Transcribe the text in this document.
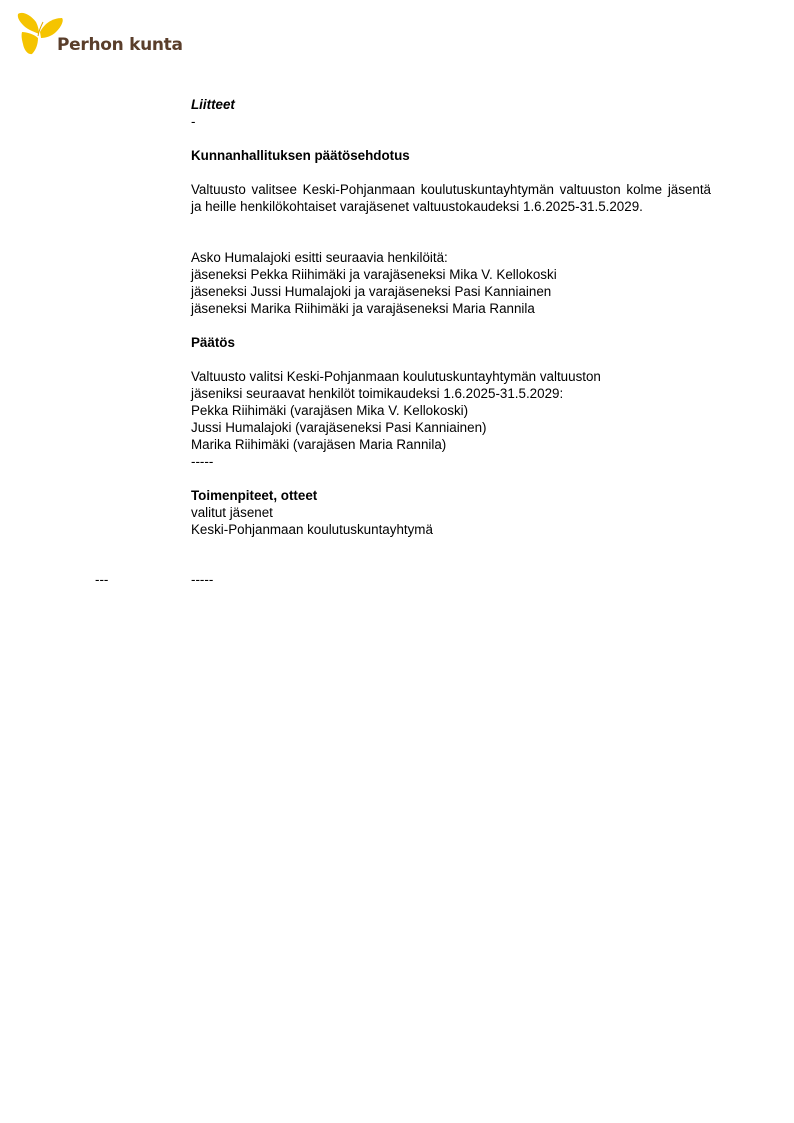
Perhon kunta
Liitteet
-
Kunnanhallituksen päätösehdotus
Valtuusto valitsee Keski-Pohjanmaan koulutuskuntayhtymän valtuuston kolme jäsentä ja heille henkilökohtaiset varajäsenet valtuustokaudeksi 1.6.2025-31.5.2029.
Asko Humalajoki esitti seuraavia henkilöitä:
jäseneksi Pekka Riihimäki ja varajäseneksi Mika V. Kellokoski
jäseneksi Jussi Humalajoki ja varajäseneksi Pasi Kanniainen
jäseneksi Marika Riihimäki ja varajäseneksi Maria Rannila
Päätös
Valtuusto valitsi Keski-Pohjanmaan koulutuskuntayhtymän valtuuston
jäseniksi seuraavat henkilöt toimikaudeksi 1.6.2025-31.5.2029:
Pekka Riihimäki (varajäsen Mika V. Kellokoski)
Jussi Humalajoki (varajäseneksi Pasi Kanniainen)
Marika Riihimäki (varajäsen Maria Rannila)
-----
Toimenpiteet, otteet
valitut jäsenet
Keski-Pohjanmaan koulutuskuntayhtymä
---	-----
